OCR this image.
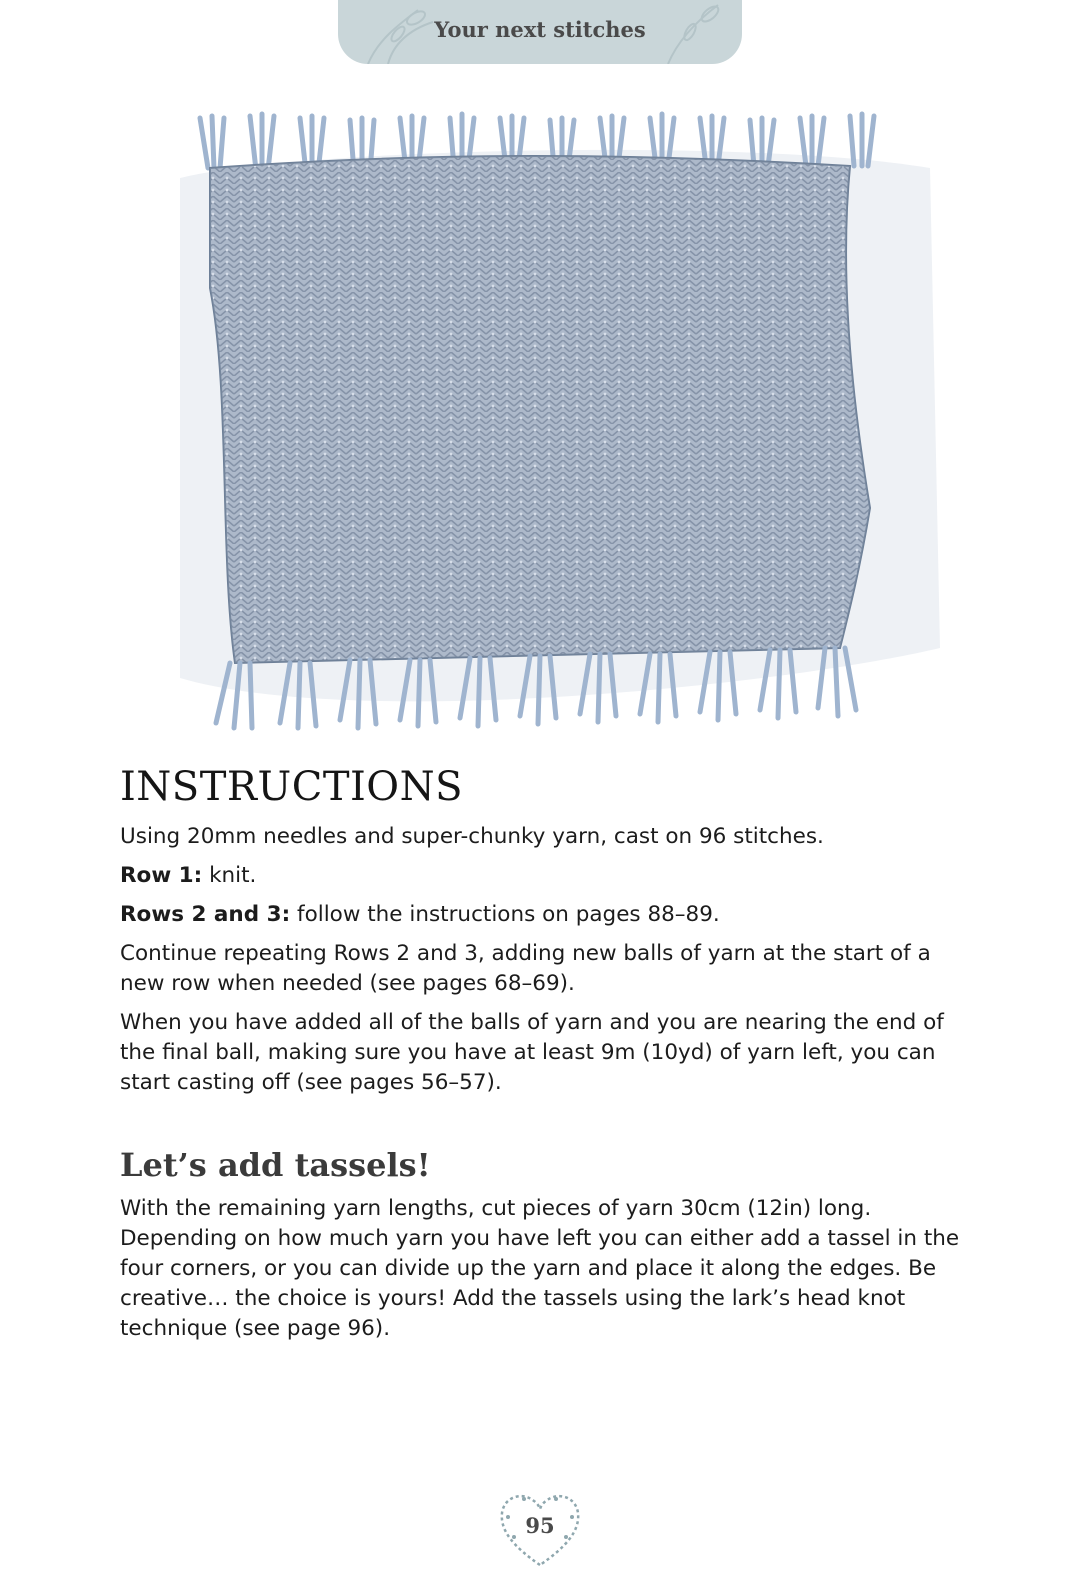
Your next stitches
INSTRUCTIONS

Using 20mm needles and super-chunky yarn, cast on 96 stitches.

Row 1: knit.

Rows 2 and 3: follow the instructions on pages 88–89.

Continue repeating Rows 2 and 3, adding new balls of yarn at the start of a new row when needed (see pages 68–69).

When you have added all of the balls of yarn and you are nearing the end of the final ball, making sure you have at least 9m (10yd) of yarn left, you can start casting off (see pages 56–57).

Let’s add tassels!

With the remaining yarn lengths, cut pieces of yarn 30cm (12in) long. Depending on how much yarn you have left you can either add a tassel in the four corners, or you can divide up the yarn and place it along the edges. Be creative… the choice is yours! Add the tassels using the lark’s head knot technique (see page 96).

95
